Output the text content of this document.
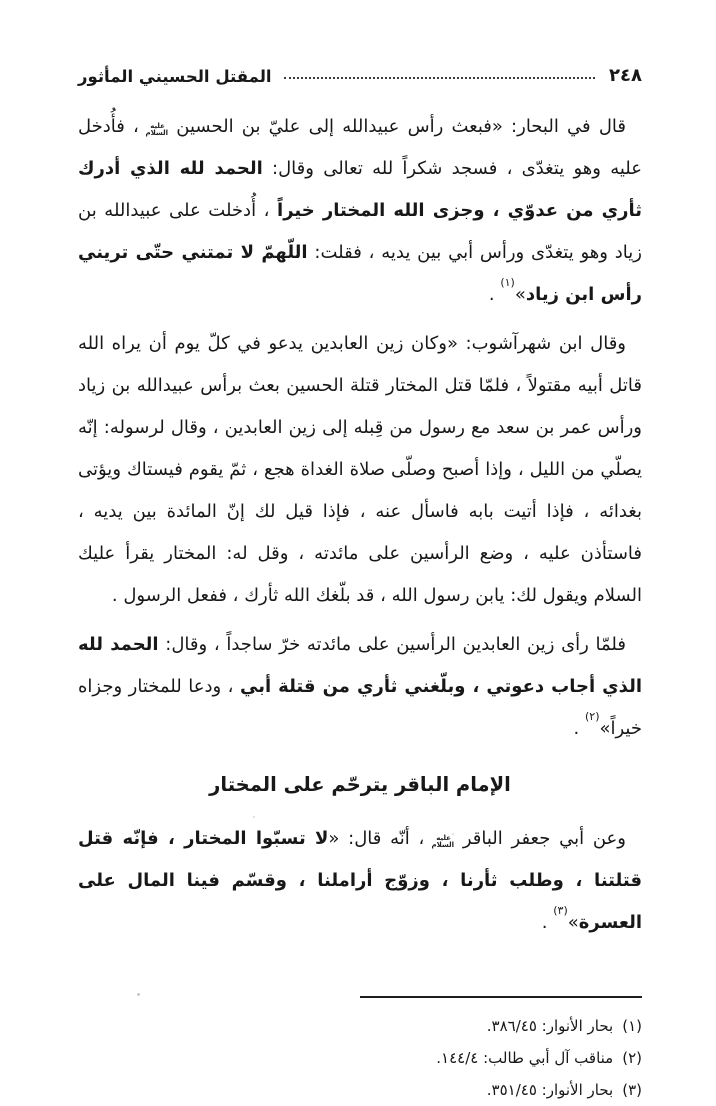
٢٤٨
المقتل الحسيني المأثور

قال في البحار: «فبعث رأس عبيدالله إلى عليّ بن الحسين عليه السلام ، فأُدخل عليه وهو يتغدّى ، فسجد شكراً لله تعالى وقال: الحمد لله الذي أدرك ثأري من عدوّي ، وجزى الله المختار خيراً ، أُدخلت على عبيدالله بن زياد وهو يتغدّى ورأس أبي بين يديه ، فقلت: اللّهمّ لا تمتني حتّى تريني رأس ابن زياد»$^{(١)}$ .

وقال ابن شهرآشوب: «وكان زين العابدين يدعو في كلّ يوم أن يراه الله قاتل أبيه مقتولاً ، فلمّا قتل المختار قتلة الحسين بعث برأس عبيدالله بن زياد ورأس عمر بن سعد مع رسول من قِبله إلى زين العابدين ، وقال لرسوله: إنّه يصلّي من الليل ، وإذا أصبح وصلّى صلاة الغداة هجع ، ثمّ يقوم فيستاك ويؤتى بغدائه ، فإذا أتيت بابه فاسأل عنه ، فإذا قيل لك إنّ المائدة بين يديه ، فاستأذن عليه ، وضع الرأسين على مائدته ، وقل له: المختار يقرأ عليك السلام ويقول لك: يابن رسول الله ، قد بلّغك الله ثأرك ، ففعل الرسول .

فلمّا رأى زين العابدين الرأسين على مائدته خرّ ساجداً ، وقال: الحمد لله الذي أجاب دعوتي ، وبلّغني ثأري من قتلة أبي ، ودعا للمختار وجزاه خيراً»$^{(٢)}$ .

الإمام الباقر يترحّم على المختار

وعن أبي جعفر الباقر عليه السلام ، أنّه قال: «لا تسبّوا المختار ، فإنّه قتل قتلتنا ، وطلب ثأرنا ، وزوّج أراملنا ، وقسّم فينا المال على العسرة»$^{(٣)}$ .

(١)بحار الأنوار: ٣٨٦/٤٥.
(٢)مناقب آل أبي طالب: ١٤٤/٤.
(٣)بحار الأنوار: ٣٥١/٤٥.
